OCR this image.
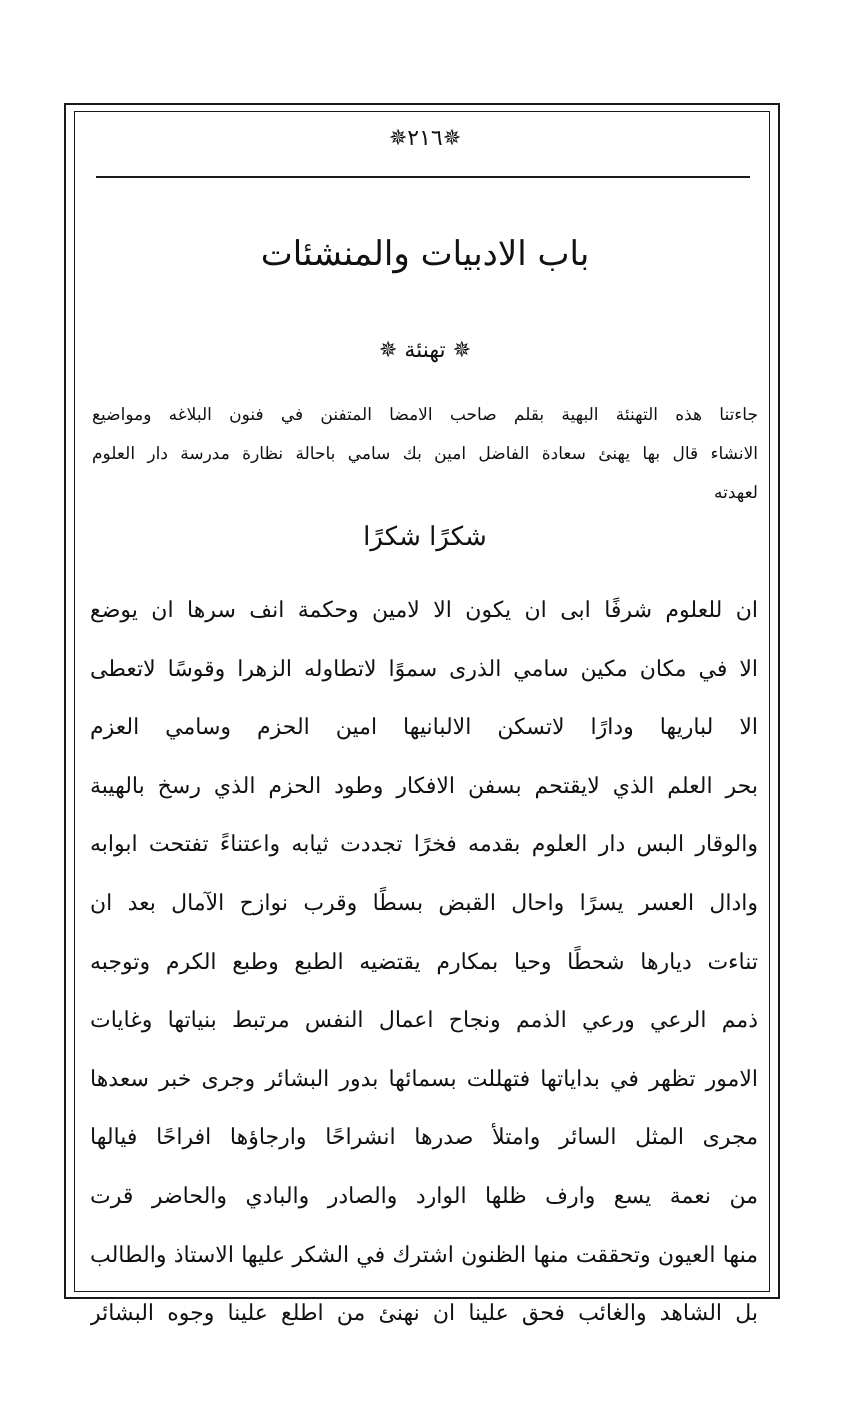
✵٢١٦✵
باب الادبيات والمنشئات
✵ تهنئة ✵
جاءتنا هذه التهنئة البهية بقلم صاحب الامضا المتفنن في فنون البلاغه ومواضيع
الانشاء قال بها يهنئ سعادة الفاضل امين بك سامي باحالة نظارة مدرسة دار العلوم
لعهدته
شكرًا شكرًا
ان للعلوم شرفًا ابى ان يكون الا لامين وحكمة انف سرها ان يوضع
الا في مكان مكين سامي الذرى سموًا لاتطاوله الزهرا وقوسًا لاتعطى
الا لباريها ودارًا لاتسكن الالبانيها امين الحزم وسامي العزم
بحر العلم الذي لايقتحم بسفن الافكار وطود الحزم الذي رسخ بالهيبة
والوقار البس دار العلوم بقدمه فخرًا تجددت ثيابه واعتناءً تفتحت ابوابه
وادال العسر يسرًا واحال القبض بسطًا وقرب نوازح الآمال بعد ان
تناءت ديارها شحطًا وحيا بمكارم يقتضيه الطبع وطبع الكرم وتوجبه
ذمم الرعي ورعي الذمم ونجاح اعمال النفس مرتبط بنياتها وغايات
الامور تظهر في بداياتها فتهللت بسمائها بدور البشائر وجرى خبر سعدها
مجرى المثل السائر وامتلأ صدرها انشراحًا وارجاؤها افراحًا فيالها
من نعمة يسع وارف ظلها الوارد والصادر والبادي والحاضر قرت
منها العيون وتحققت منها الظنون اشترك في الشكر عليها الاستاذ والطالب
بل الشاهد والغائب فحق علينا ان نهنئ من اطلع علينا وجوه البشائر
